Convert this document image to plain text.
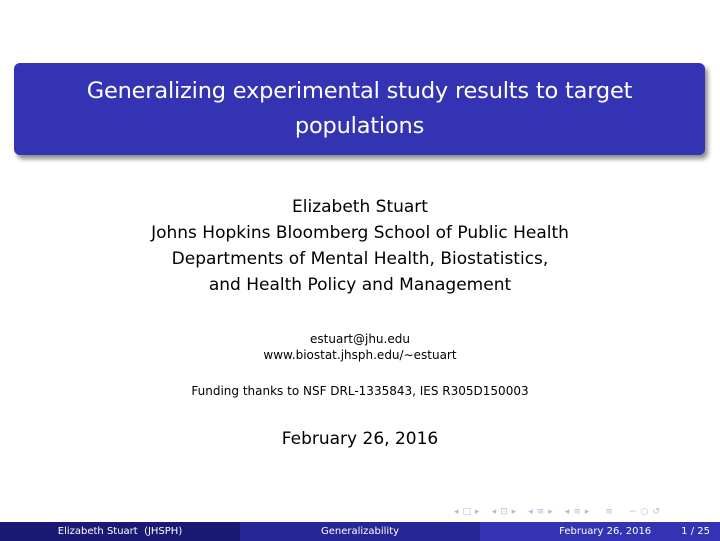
Generalizing experimental study results to target
populations
Elizabeth Stuart
Johns Hopkins Bloomberg School of Public Health
Departments of Mental Health, Biostatistics,
and Health Policy and Management
estuart@jhu.edu
www.biostat.jhsph.edu/∼estuart
Funding thanks to NSF DRL-1335843, IES R305D150003
February 26, 2016
◂ □ ▸ ◂ ⊡ ▸ ◂ ≡ ▸ ◂ ≡ ▸ ≡ ∽ ○ ↺
Elizabeth Stuart  (JHSPH)	Generalizability	February 26, 2016	1 / 25
